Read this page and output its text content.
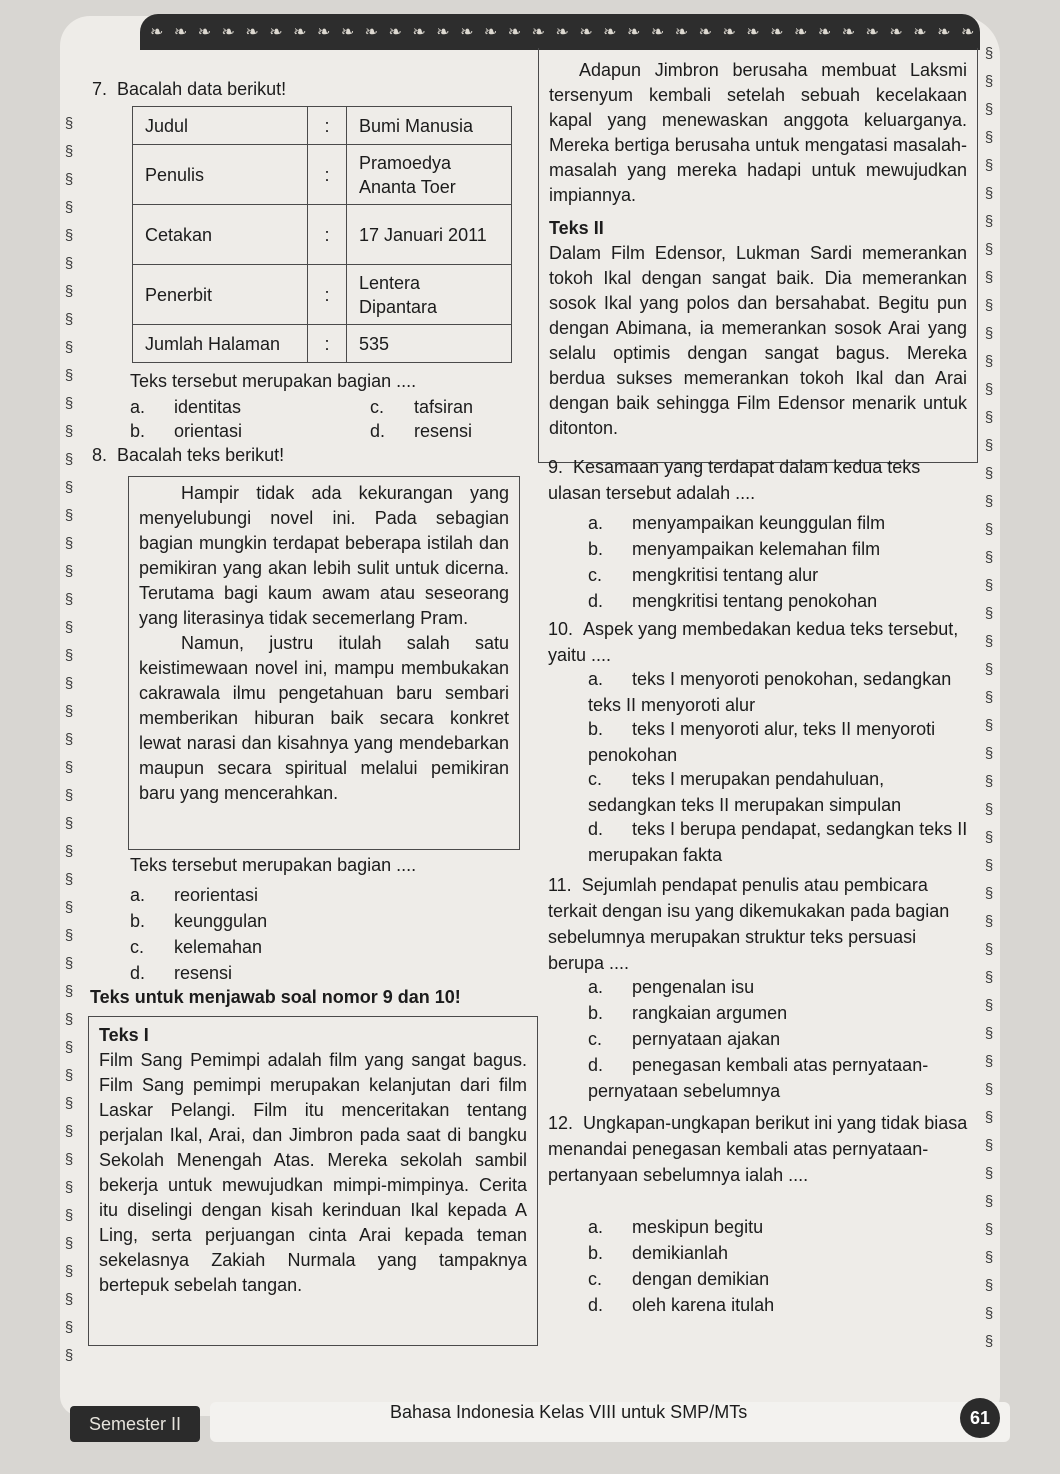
❧ ❧ ❧ ❧ ❧ ❧ ❧ ❧ ❧ ❧ ❧ ❧ ❧ ❧ ❧ ❧ ❧ ❧ ❧ ❧ ❧ ❧ ❧ ❧ ❧ ❧ ❧ ❧ ❧ ❧ ❧ ❧ ❧ ❧ ❧
§
§
§
§
§
§
§
§
§
§
§
§
§
§
§
§
§
§
§
§
§
§
§
§
§
§
§
§
§
§
§
§
§
§
§
§
§
§
§
§
§
§
§
§
§
§
§
§
§
§
§
§
§
§
§
§
§
§
§
§
§
§
§
§
§
§
§
§
§
§
§
§
§
§
§
§
§
§
§
§
§
§
§
§
§
§
§
§
§
§
§
§
7. Bacalah data berikut!
Judul	:	Bumi Manusia
Penulis	:	Pramoedya Ananta Toer
Cetakan	:	17 Januari 2011
Penerbit	:	Lentera Dipantara
Jumlah Halaman	:	535
Teks tersebut merupakan bagian ....
a. identitas	c. tafsiran
b. orientasi	d. resensi
8. Bacalah teks berikut!

Hampir tidak ada kekurangan yang menyelubungi novel ini. Pada sebagian bagian mungkin terdapat beberapa istilah dan pemikiran yang akan lebih sulit untuk dicerna. Terutama bagi kaum awam atau seseorang yang literasinya tidak secemerlang Pram.

Namun, justru itulah salah satu keistimewaan novel ini, mampu membukakan cakrawala ilmu pengetahuan baru sembari memberikan hiburan baik secara konkret lewat narasi dan kisahnya yang mendebarkan maupun secara spiritual melalui pemikiran baru yang mencerahkan.

Teks tersebut merupakan bagian ....
a. reorientasi
b. keunggulan
c. kelemahan
d. resensi
Teks untuk menjawab soal nomor 9 dan 10!

Teks I

Film Sang Pemimpi adalah film yang sangat bagus. Film Sang pemimpi merupakan kelanjutan dari film Laskar Pelangi. Film itu menceritakan tentang perjalan Ikal, Arai, dan Jimbron pada saat di bangku Sekolah Menengah Atas. Mereka sekolah sambil bekerja untuk mewujudkan mimpi-mimpinya. Cerita itu diselingi dengan kisah kerinduan Ikal kepada A Ling, serta perjuangan cinta Arai kepada teman sekelasnya Zakiah Nurmala yang tampaknya bertepuk sebelah tangan.

Adapun Jimbron berusaha membuat Laksmi tersenyum kembali setelah sebuah kecelakaan kapal yang menewaskan anggota keluarganya. Mereka bertiga berusaha untuk mengatasi masalah-masalah yang mereka hadapi untuk mewujudkan impiannya.

Teks II

Dalam Film Edensor, Lukman Sardi memerankan tokoh Ikal dengan sangat baik. Dia memerankan sosok Ikal yang polos dan bersahabat. Begitu pun dengan Abimana, ia memerankan sosok Arai yang selalu optimis dengan sangat bagus. Mereka berdua sukses memerankan tokoh Ikal dan Arai dengan baik sehingga Film Edensor menarik untuk ditonton.

9. Kesamaan yang terdapat dalam kedua teks ulasan tersebut adalah ....
a. menyampaikan keunggulan film
b. menyampaikan kelemahan film
c. mengkritisi tentang alur
d. mengkritisi tentang penokohan
10. Aspek yang membedakan kedua teks tersebut, yaitu ....
a. teks I menyoroti penokohan, sedangkan teks II menyoroti alur
b. teks I menyoroti alur, teks II menyoroti penokohan
c. teks I merupakan pendahuluan, sedangkan teks II merupakan simpulan
d. teks I berupa pendapat, sedangkan teks II merupakan fakta
11. Sejumlah pendapat penulis atau pembicara terkait dengan isu yang dikemukakan pada bagian sebelumnya merupakan struktur teks persuasi berupa ....
a. pengenalan isu
b. rangkaian argumen
c. pernyataan ajakan
d. penegasan kembali atas pernyataan-pernyataan sebelumnya
12. Ungkapan-ungkapan berikut ini yang tidak biasa menandai penegasan kembali atas pernyataan-pertanyaan sebelumnya ialah ....
a. meskipun begitu
b. demikianlah
c. dengan demikian
d. oleh karena itulah
Semester II	61
Bahasa Indonesia Kelas VIII untuk SMP/MTs
